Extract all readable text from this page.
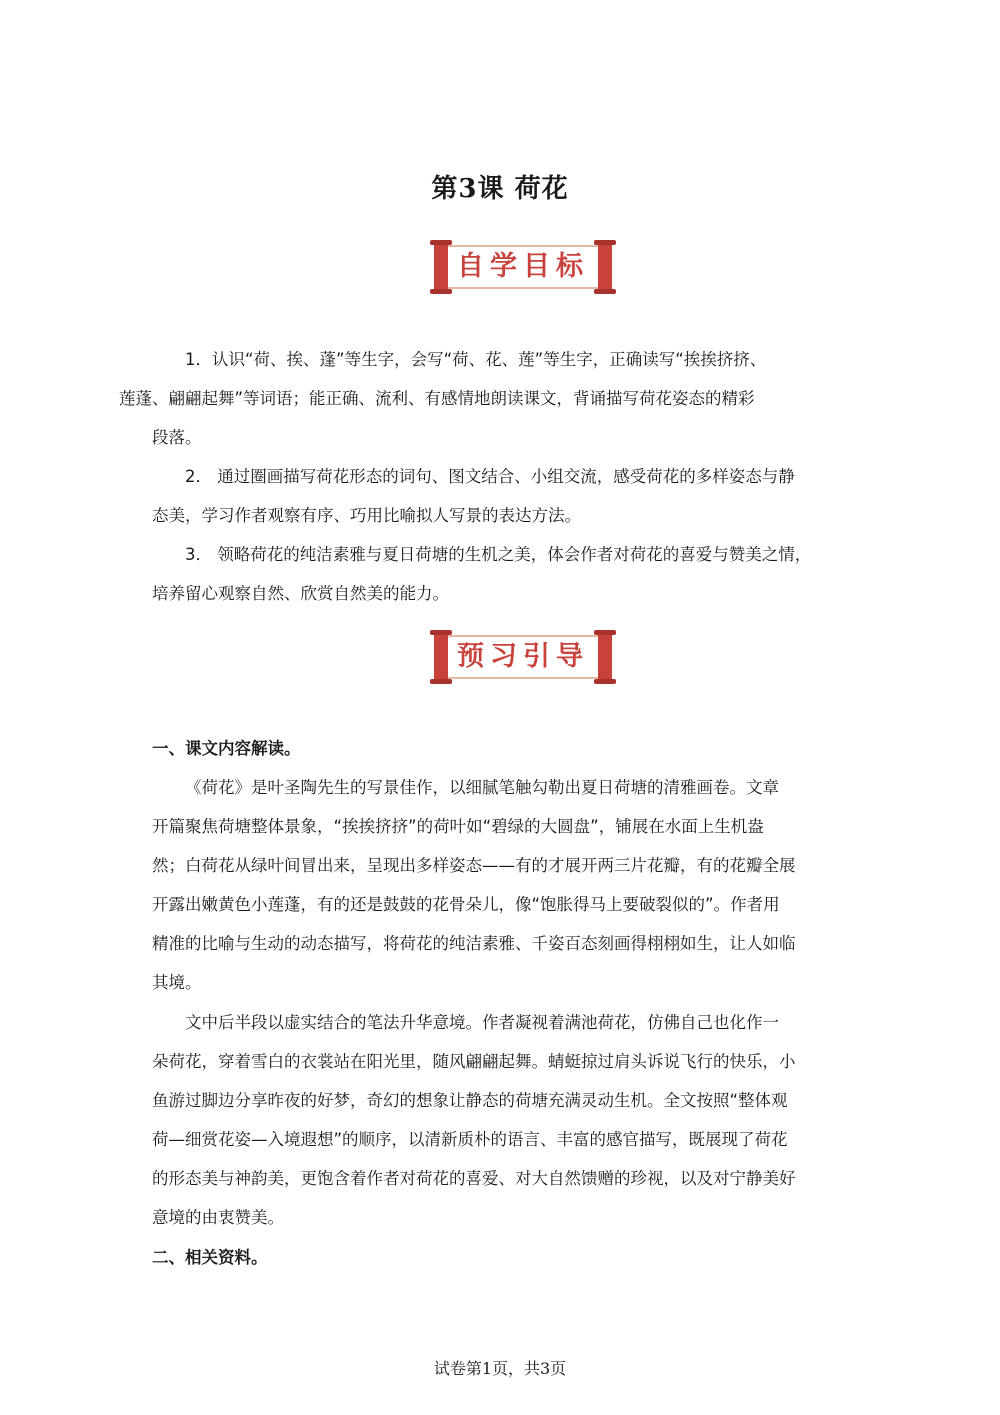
第3课 荷花
自学目标
1．认识“荷、挨、蓬”等生字，会写“荷、花、莲”等生字，正确读写“挨挨挤挤、
莲蓬、翩翩起舞”等词语；能正确、流利、有感情地朗读课文，背诵描写荷花姿态的精彩
段落。
2． 通过圈画描写荷花形态的词句、图文结合、小组交流，感受荷花的多样姿态与静
态美，学习作者观察有序、巧用比喻拟人写景的表达方法。
3． 领略荷花的纯洁素雅与夏日荷塘的生机之美，体会作者对荷花的喜爱与赞美之情，
培养留心观察自然、欣赏自然美的能力。
预习引导
一、课文内容解读。
《荷花》是叶圣陶先生的写景佳作，以细腻笔触勾勒出夏日荷塘的清雅画卷。文章
开篇聚焦荷塘整体景象，“挨挨挤挤”的荷叶如“碧绿的大圆盘”，铺展在水面上生机盎
然；白荷花从绿叶间冒出来，呈现出多样姿态——有的才展开两三片花瓣，有的花瓣全展
开露出嫩黄色小莲蓬，有的还是鼓鼓的花骨朵儿，像“饱胀得马上要破裂似的”。作者用
精准的比喻与生动的动态描写，将荷花的纯洁素雅、千姿百态刻画得栩栩如生，让人如临
其境。
文中后半段以虚实结合的笔法升华意境。作者凝视着满池荷花，仿佛自己也化作一
朵荷花，穿着雪白的衣裳站在阳光里，随风翩翩起舞。蜻蜓掠过肩头诉说飞行的快乐，小
鱼游过脚边分享昨夜的好梦，奇幻的想象让静态的荷塘充满灵动生机。全文按照“整体观
荷—细赏花姿—入境遐想”的顺序，以清新质朴的语言、丰富的感官描写，既展现了荷花
的形态美与神韵美，更饱含着作者对荷花的喜爱、对大自然馈赠的珍视，以及对宁静美好
意境的由衷赞美。
二、相关资料。
试卷第1页，共3页
